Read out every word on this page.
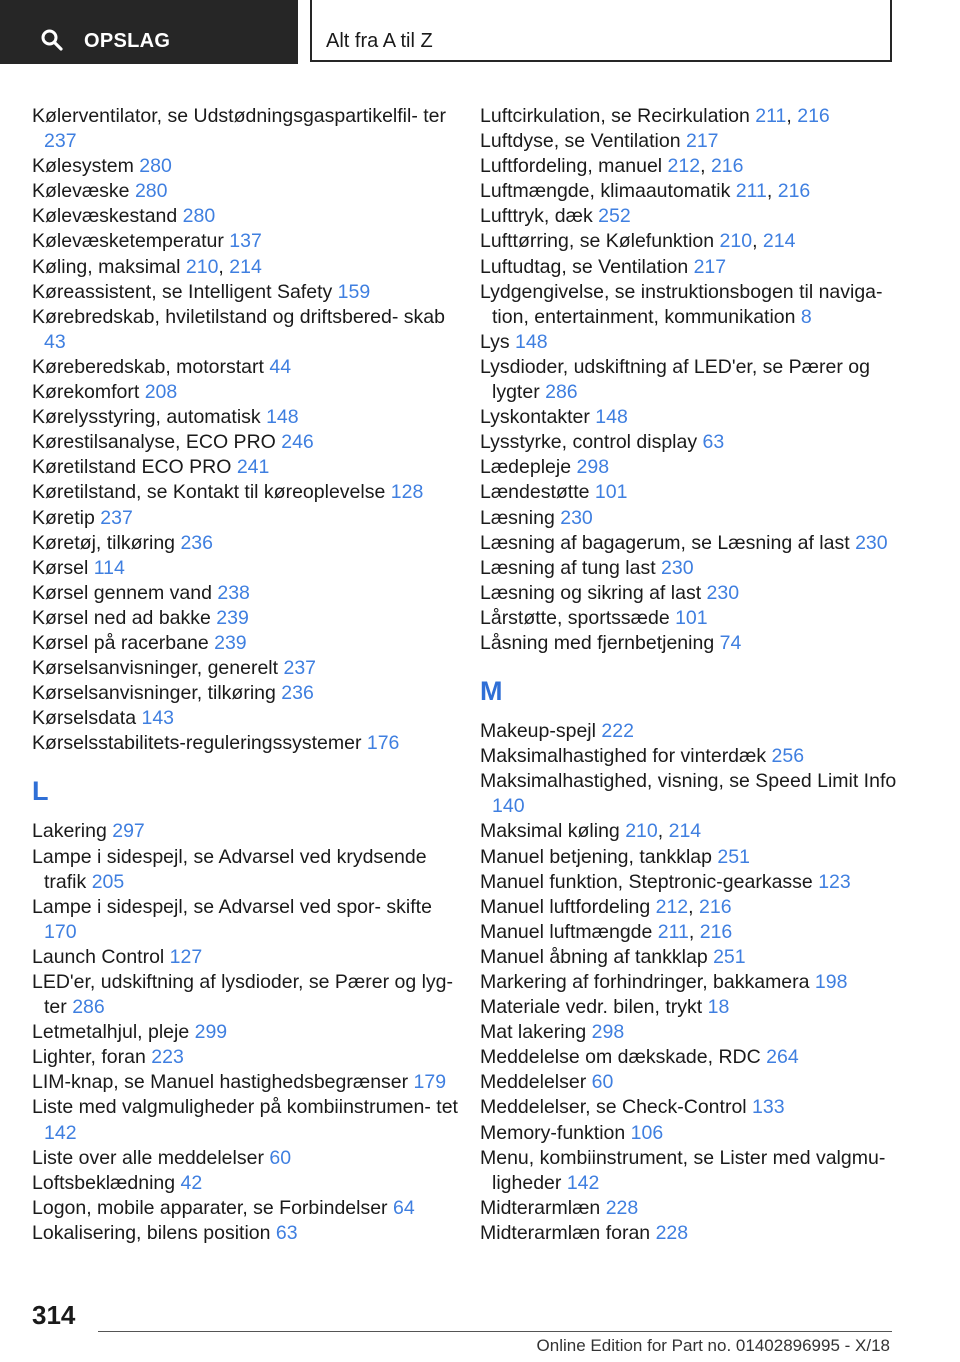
OPSLAG	Alt fra A til Z
Kølerventilator, se Udstødningsgaspartikelfil‐ ter 237
Kølesystem 280
Kølevæske 280
Kølevæskestand 280
Kølevæsketemperatur 137
Køling, maksimal 210, 214
Køreassistent, se Intelligent Safety 159
Kørebredskab, hviletilstand og driftsbered‐ skab 43
Køreberedskab, motorstart 44
Kørekomfort 208
Kørelysstyring, automatisk 148
Kørestilsanalyse, ECO PRO 246
Køretilstand ECO PRO 241
Køretilstand, se Kontakt til køreoplevelse 128
Køretip 237
Køretøj, tilkøring 236
Kørsel 114
Kørsel gennem vand 238
Kørsel ned ad bakke 239
Kørsel på racerbane 239
Kørselsanvisninger, generelt 237
Kørselsanvisninger, tilkøring 236
Kørselsdata 143
Kørselsstabilitets-reguleringssystemer 176
L
Lakering 297
Lampe i sidespejl, se Advarsel ved krydsende trafik 205
Lampe i sidespejl, se Advarsel ved spor‐ skifte 170
Launch Control 127
LED'er, udskiftning af lysdioder, se Pærer og lyg‐ ter 286
Letmetalhjul, pleje 299
Lighter, foran 223
LIM-knap, se Manuel hastighedsbegrænser 179
Liste med valgmuligheder på kombiinstrumen‐ tet 142
Liste over alle meddelelser 60
Loftsbeklædning 42
Logon, mobile apparater, se Forbindelser 64
Lokalisering, bilens position 63
Luftcirkulation, se Recirkulation 211, 216
Luftdyse, se Ventilation 217
Luftfordeling, manuel 212, 216
Luftmængde, klimaautomatik 211, 216
Lufttryk, dæk 252
Lufttørring, se Kølefunktion 210, 214
Luftudtag, se Ventilation 217
Lydgengivelse, se instruktionsbogen til naviga‐ tion, entertainment, kommunikation 8
Lys 148
Lysdioder, udskiftning af LED'er, se Pærer og lygter 286
Lyskontakter 148
Lysstyrke, control display 63
Lædepleje 298
Lændestøtte 101
Læsning 230
Læsning af bagagerum, se Læsning af last 230
Læsning af tung last 230
Læsning og sikring af last 230
Lårstøtte, sportssæde 101
Låsning med fjernbetjening 74
M
Makeup-spejl 222
Maksimalhastighed for vinterdæk 256
Maksimalhastighed, visning, se Speed Limit Info 140
Maksimal køling 210, 214
Manuel betjening, tankklap 251
Manuel funktion, Steptronic-gearkasse 123
Manuel luftfordeling 212, 216
Manuel luftmængde 211, 216
Manuel åbning af tankklap 251
Markering af forhindringer, bakkamera 198
Materiale vedr. bilen, trykt 18
Mat lakering 298
Meddelelse om dækskade, RDC 264
Meddelelser 60
Meddelelser, se Check-Control 133
Memory-funktion 106
Menu, kombiinstrument, se Lister med valgmu‐ ligheder 142
Midterarmlæn 228
Midterarmlæn foran 228
314
Online Edition for Part no. 01402896995 - X/18
